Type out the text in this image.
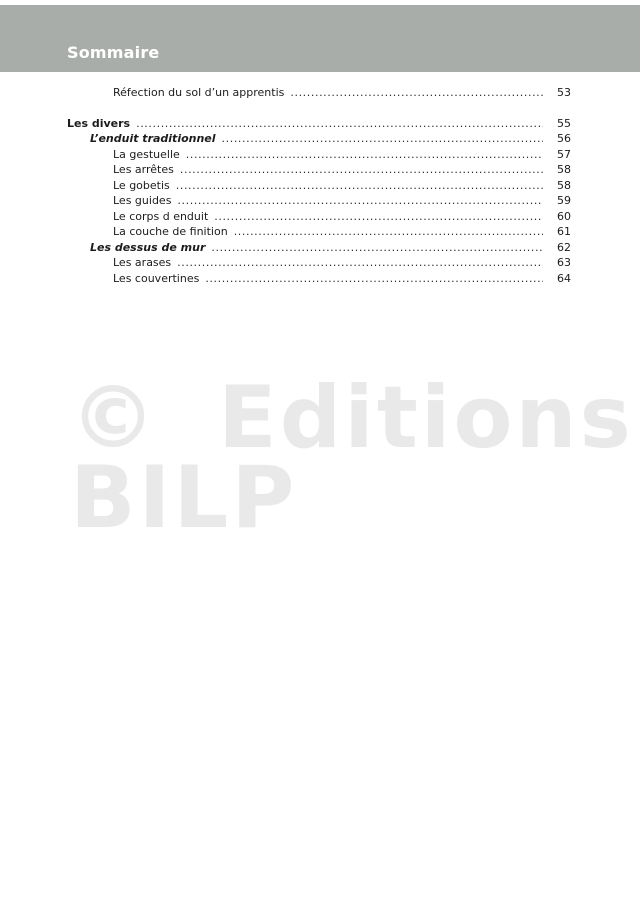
Sommaire
© Editions
BILP
Réfection du sol d’un apprentis .....	53
Les divers .....	55
L’enduit traditionnel .....	56
La gestuelle .....	57
Les arrêtes .....	58
Le gobetis .....	58
Les guides .....	59
Le corps d enduit .....	60
La couche de finition .....	61
Les dessus de mur .....	62
Les arases .....	63
Les couvertines .....	64
